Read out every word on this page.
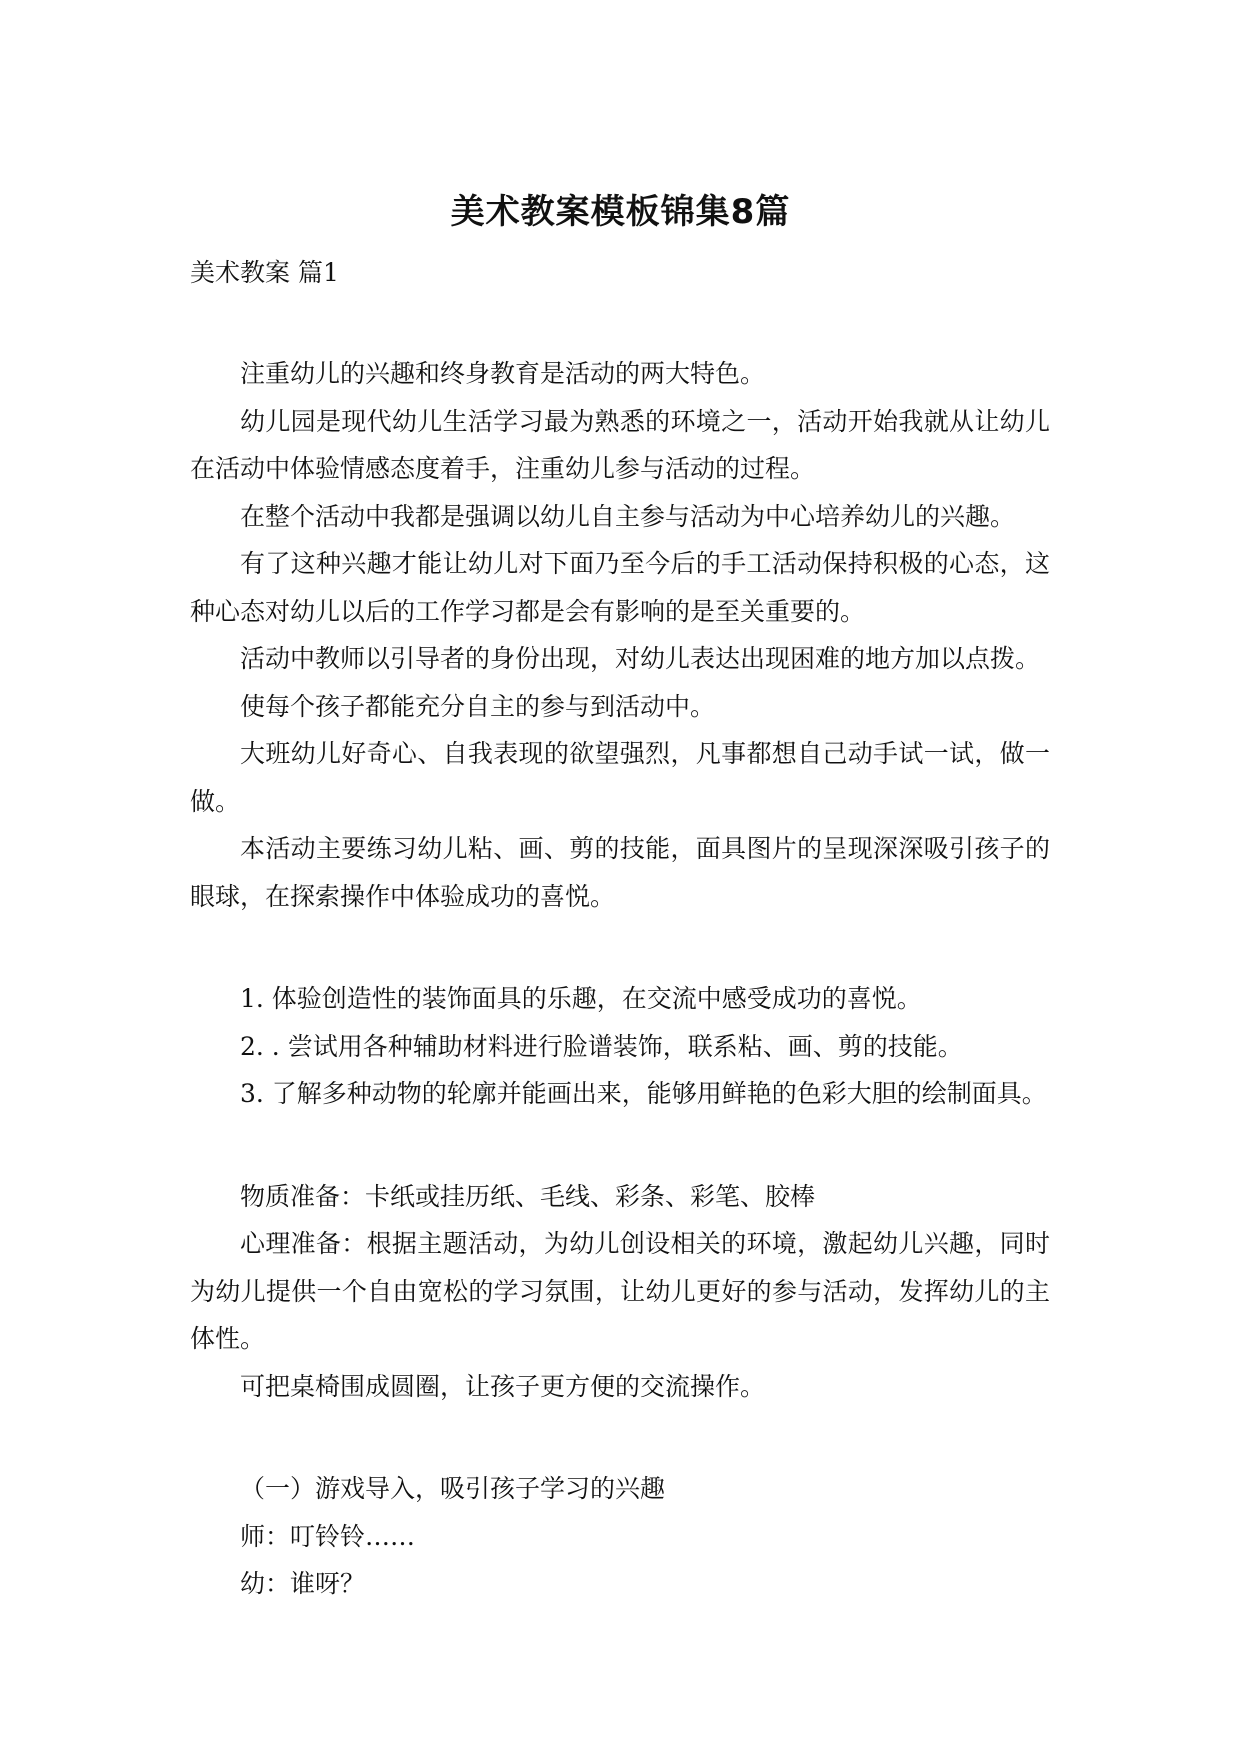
美术教案模板锦集8篇
美术教案 篇1

注重幼儿的兴趣和终身教育是活动的两大特色。

幼儿园是现代幼儿生活学习最为熟悉的环境之一，活动开始我就从让幼儿在活动中体验情感态度着手，注重幼儿参与活动的过程。

在整个活动中我都是强调以幼儿自主参与活动为中心培养幼儿的兴趣。

有了这种兴趣才能让幼儿对下面乃至今后的手工活动保持积极的心态，这种心态对幼儿以后的工作学习都是会有影响的是至关重要的。

活动中教师以引导者的身份出现，对幼儿表达出现困难的地方加以点拨。

使每个孩子都能充分自主的参与到活动中。

大班幼儿好奇心、自我表现的欲望强烈，凡事都想自己动手试一试，做一做。

本活动主要练习幼儿粘、画、剪的技能，面具图片的呈现深深吸引孩子的眼球，在探索操作中体验成功的喜悦。

1. 体验创造性的装饰面具的乐趣，在交流中感受成功的喜悦。

2. . 尝试用各种辅助材料进行脸谱装饰，联系粘、画、剪的技能。

3. 了解多种动物的轮廓并能画出来，能够用鲜艳的色彩大胆的绘制面具。

物质准备：卡纸或挂历纸、毛线、彩条、彩笔、胶棒

心理准备：根据主题活动，为幼儿创设相关的环境，激起幼儿兴趣，同时为幼儿提供一个自由宽松的学习氛围，让幼儿更好的参与活动，发挥幼儿的主体性。

可把桌椅围成圆圈，让孩子更方便的交流操作。

（一）游戏导入，吸引孩子学习的兴趣

师：叮铃铃……

幼：谁呀？
